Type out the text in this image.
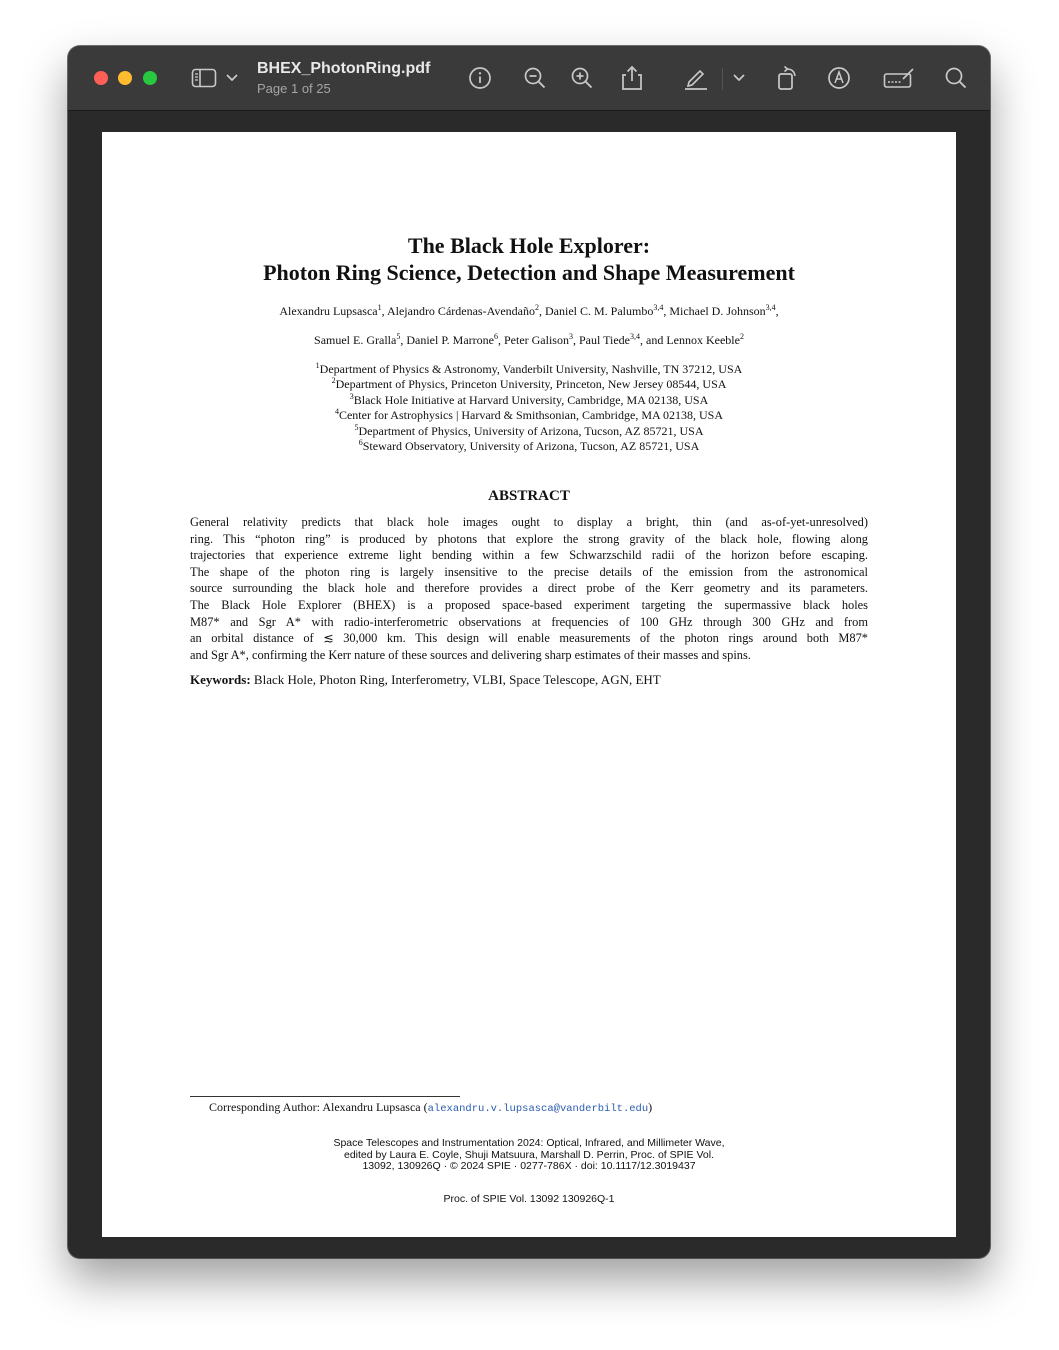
BHEX_PhotonRing.pdf
Page 1 of 25
The Black Hole Explorer:
Photon Ring Science, Detection and Shape Measurement
Alexandru Lupsasca$^1$, Alejandro Cárdenas-Avendaño$^2$, Daniel C. M. Palumbo$^{3,4}$, Michael D. Johnson$^{3,4}$,
Samuel E. Gralla$^5$, Daniel P. Marrone$^6$, Peter Galison$^3$, Paul Tiede$^{3,4}$, and Lennox Keeble$^2$
$^1$Department of Physics & Astronomy, Vanderbilt University, Nashville, TN 37212, USA
$^2$Department of Physics, Princeton University, Princeton, New Jersey 08544, USA
$^3$Black Hole Initiative at Harvard University, Cambridge, MA 02138, USA
$^4$Center for Astrophysics | Harvard & Smithsonian, Cambridge, MA 02138, USA
$^5$Department of Physics, University of Arizona, Tucson, AZ 85721, USA
$^6$Steward Observatory, University of Arizona, Tucson, AZ 85721, USA
ABSTRACT
General relativity predicts that black hole images ought to display a bright, thin (and as-of-yet-unresolved)
ring. This “photon ring” is produced by photons that explore the strong gravity of the black hole, flowing along
trajectories that experience extreme light bending within a few Schwarzschild radii of the horizon before escaping.
The shape of the photon ring is largely insensitive to the precise details of the emission from the astronomical
source surrounding the black hole and therefore provides a direct probe of the Kerr geometry and its parameters.
The Black Hole Explorer (BHEX) is a proposed space-based experiment targeting the supermassive black holes
M87* and Sgr A* with radio-interferometric observations at frequencies of 100 GHz through 300 GHz and from
an orbital distance of ≲ 30,000 km. This design will enable measurements of the photon rings around both M87*
and Sgr A*, confirming the Kerr nature of these sources and delivering sharp estimates of their masses and spins.
Keywords: Black Hole, Photon Ring, Interferometry, VLBI, Space Telescope, AGN, EHT
Corresponding Author: Alexandru Lupsasca (alexandru.v.lupsasca@vanderbilt.edu)
Space Telescopes and Instrumentation 2024: Optical, Infrared, and Millimeter Wave,
edited by Laura E. Coyle, Shuji Matsuura, Marshall D. Perrin, Proc. of SPIE Vol.
13092, 130926Q · © 2024 SPIE · 0277-786X · doi: 10.1117/12.3019437
Proc. of SPIE Vol. 13092 130926Q-1
